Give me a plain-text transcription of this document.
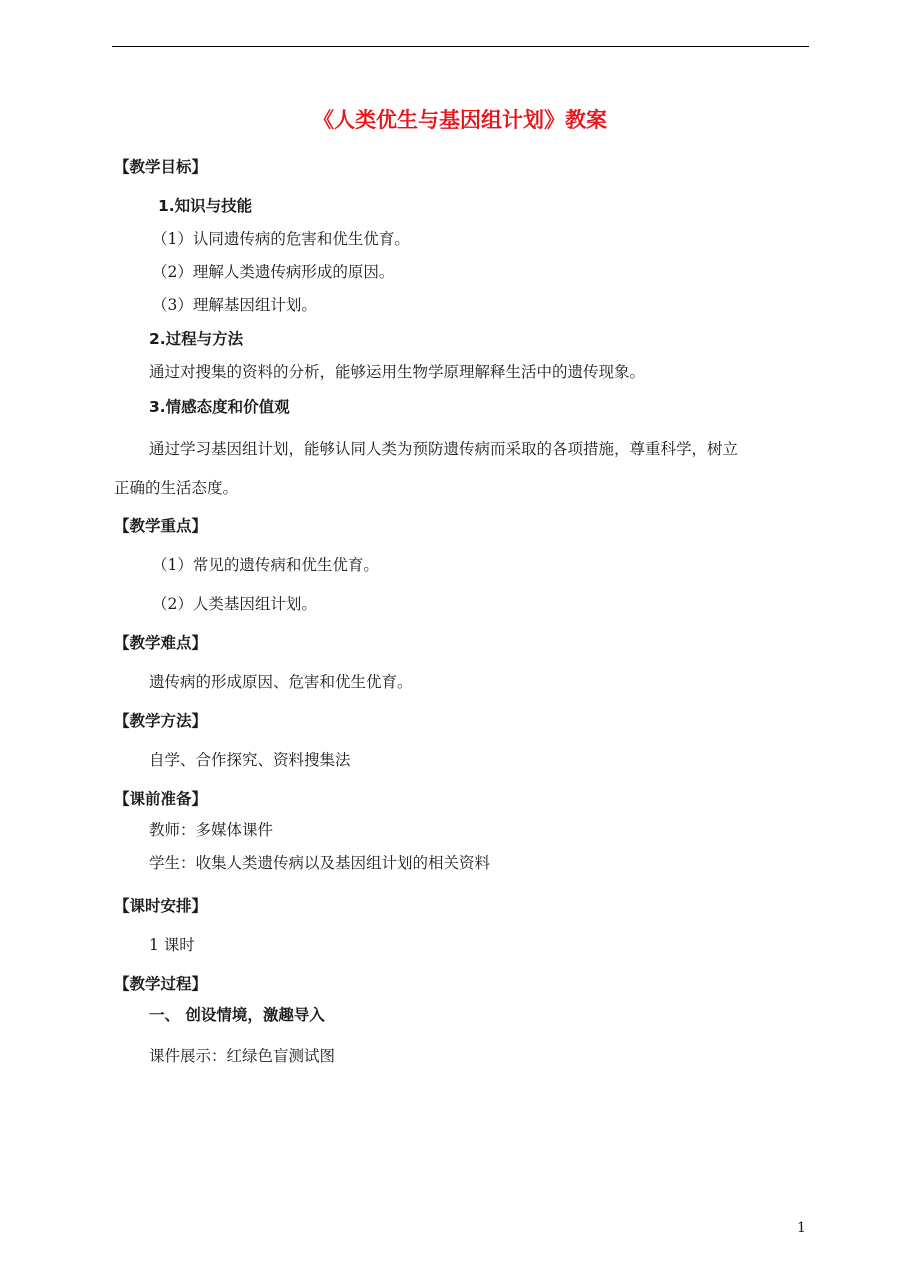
《人类优生与基因组计划》教案
【教学目标】
1.知识与技能
（1）认同遗传病的危害和优生优育。
（2）理解人类遗传病形成的原因。
（3）理解基因组计划。
2.过程与方法
通过对搜集的资料的分析，能够运用生物学原理解释生活中的遗传现象。
3.情感态度和价值观
通过学习基因组计划，能够认同人类为预防遗传病而采取的各项措施，尊重科学，树立
正确的生活态度。
【教学重点】
（1）常见的遗传病和优生优育。
（2）人类基因组计划。
【教学难点】
遗传病的形成原因、危害和优生优育。
【教学方法】
自学、合作探究、资料搜集法
【课前准备】
教师：多媒体课件
学生：收集人类遗传病以及基因组计划的相关资料
【课时安排】
1 课时
【教学过程】
一、 创设情境，激趣导入
课件展示：红绿色盲测试图
1
